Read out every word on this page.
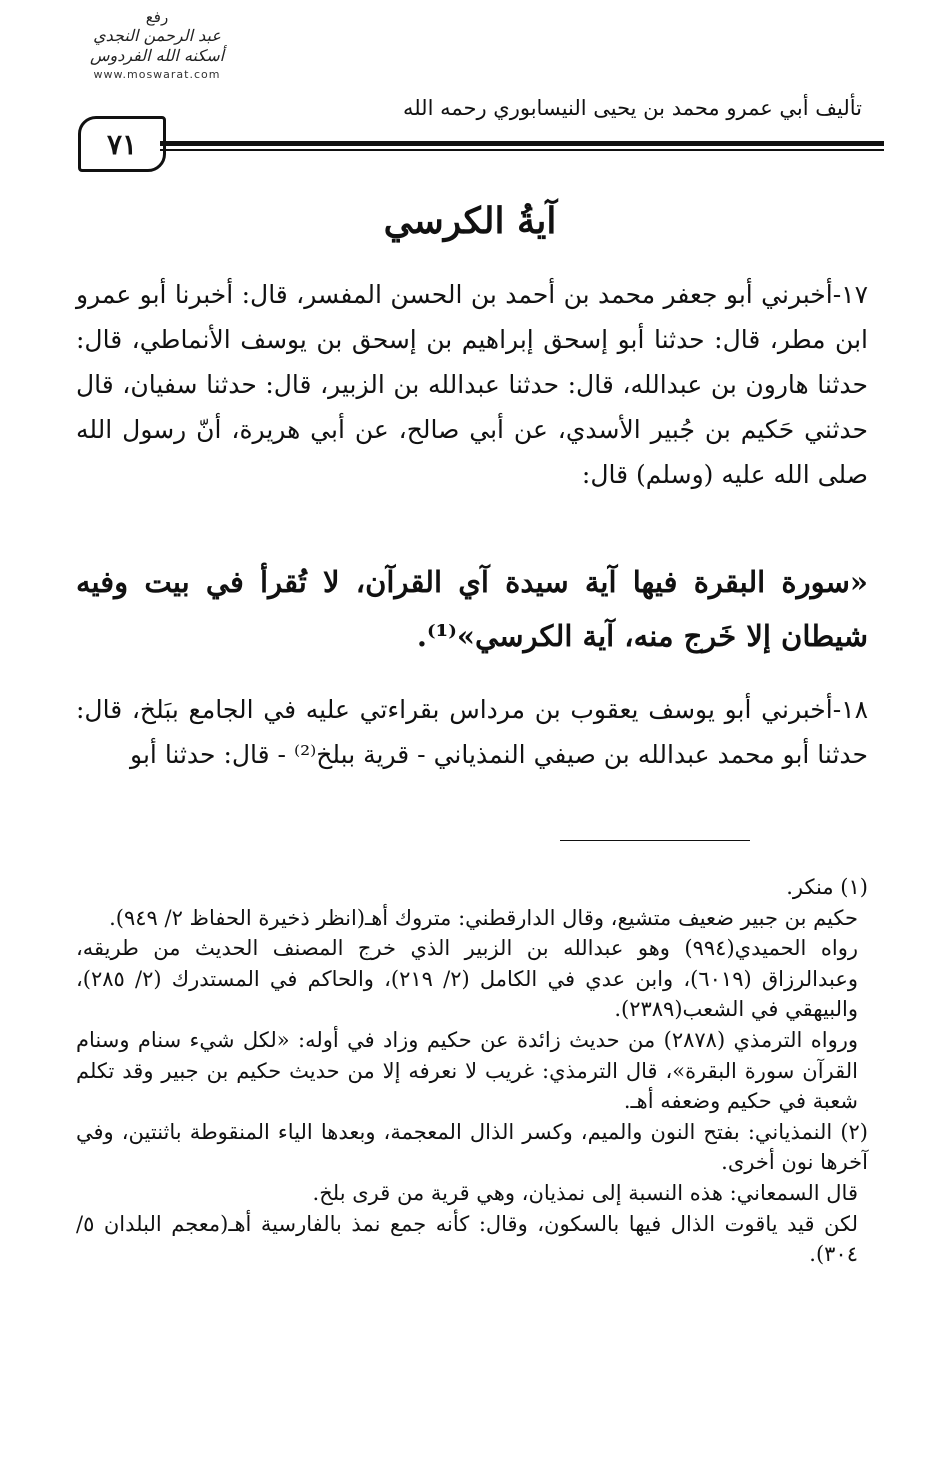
رفع
عبد الرحمن النجدي
أسكنه الله الفردوس
www.moswarat.com
تأليف أبي عمرو محمد بن يحيى النيسابوري رحمه الله
٧١
آيةُ الكرسي
١٧-أخبرني أبو جعفر محمد بن أحمد بن الحسن المفسر، قال: أخبرنا أبو عمرو ابن مطر، قال: حدثنا أبو إسحق إبراهيم بن إسحق بن يوسف الأنماطي، قال: حدثنا هارون بن عبدالله، قال: حدثنا عبدالله بن الزبير، قال: حدثنا سفيان، قال حدثني حَكيم بن جُبير الأسدي، عن أبي صالح، عن أبي هريرة، أنّ رسول الله صلى الله عليه (وسلم) قال:
«سورة البقرة فيها آية سيدة آي القرآن، لا تُقرأ في بيت وفيه شيطان إلا خَرج منه، آية الكرسي»⁽¹⁾.
١٨-أخبرني أبو يوسف يعقوب بن مرداس بقراءتي عليه في الجامع ببَلخ، قال: حدثنا أبو محمد عبدالله بن صيفي النمذياني - قرية ببلخ⁽²⁾ - قال: حدثنا أبو
(١) منكر.
حكيم بن جبير ضعيف متشيع، وقال الدارقطني: متروك أهـ(انظر ذخيرة الحفاظ ٢/ ٩٤٩).
رواه الحميدي(٩٩٤) وهو عبدالله بن الزبير الذي خرج المصنف الحديث من طريقه، وعبدالرزاق (٦٠١٩)، وابن عدي في الكامل (٢/ ٢١٩)، والحاكم في المستدرك (٢/ ٢٨٥)، والبيهقي في الشعب(٢٣٨٩).
ورواه الترمذي (٢٨٧٨) من حديث زائدة عن حكيم وزاد في أوله: «لكل شيء سنام وسنام القرآن سورة البقرة»، قال الترمذي: غريب لا نعرفه إلا من حديث حكيم بن جبير وقد تكلم شعبة في حكيم وضعفه أهـ.
(٢) النمذياني: بفتح النون والميم، وكسر الذال المعجمة، وبعدها الياء المنقوطة باثنتين، وفي آخرها نون أخرى.
قال السمعاني: هذه النسبة إلى نمذيان، وهي قرية من قرى بلخ.
لكن قيد ياقوت الذال فيها بالسكون، وقال: كأنه جمع نمذ بالفارسية أهـ(معجم البلدان ٥/ ٣٠٤).
